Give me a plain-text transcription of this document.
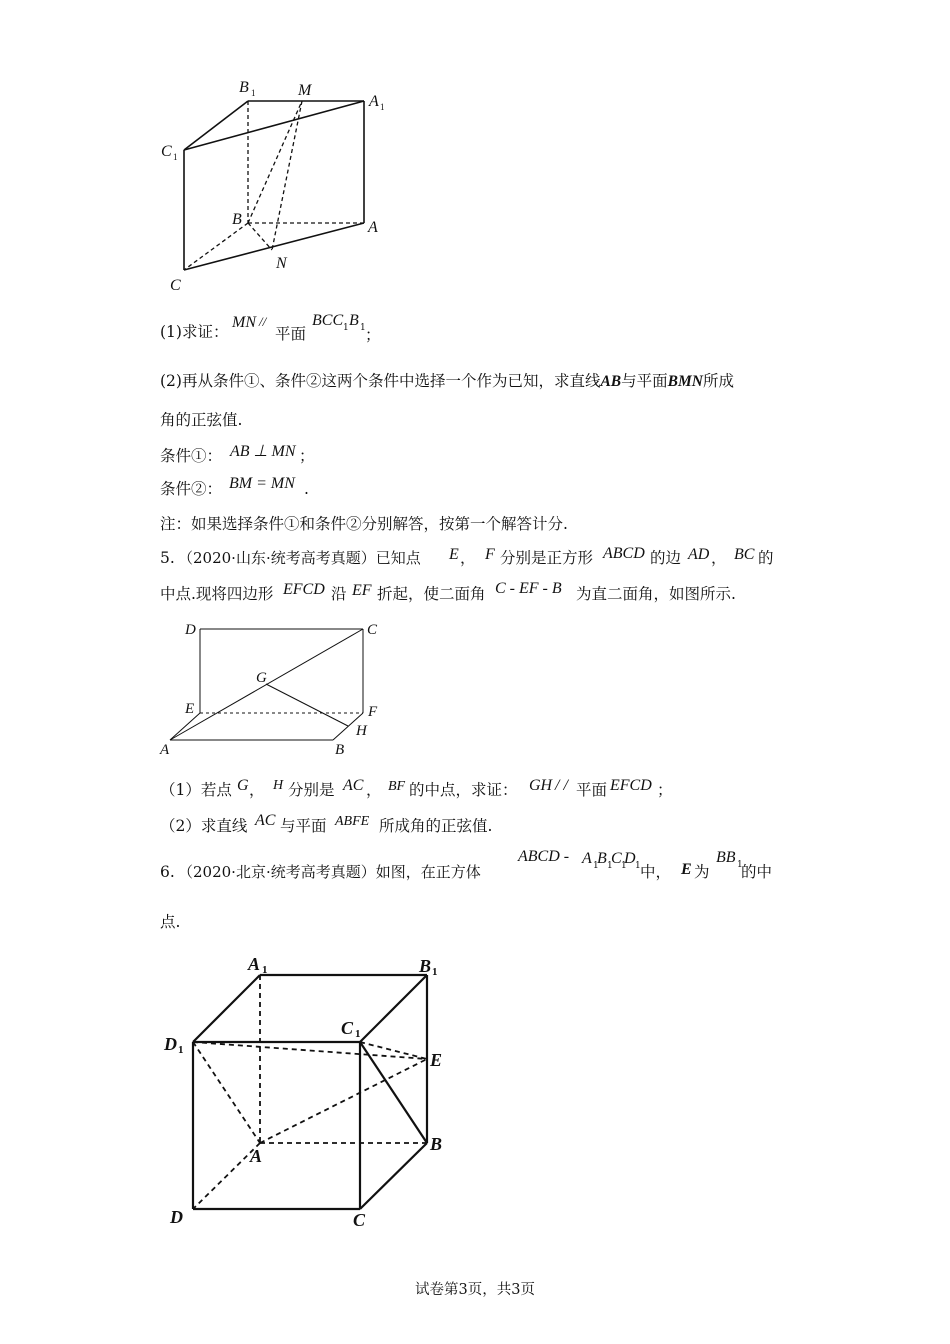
B 1	M
A 1
C 1
B	A
N
C
(1)求证：
MN //
平面
BCC 1 B 1 ；
(2)再从条件①、条件②这两个条件中选择一个作为已知，求直线AB与平面BMN所成
角的正弦值.
条件①： AB ⊥ MN ；
条件②： BM = MN .
注：如果选择条件①和条件②分别解答，按第一个解答计分.
5. （2020·山东·统考高考真题）已知点 E ， F 分别是正方形 ABCD 的边 AD ， BC 的
中点.现将四边形 EFCD 沿 EF 折起，使二面角 C - EF - B 为直二面角，如图所示.
D	C
G
E	F
H
A	B
（1）若点 G ， H 分别是 AC ， BF 的中点，求证： GH / / 平面 EFCD ；
（2）求直线 AC 与平面 ABFE 所成角的正弦值.
6. （2020·北京·统考高考真题）如图，在正方体
ABCD - A 1
B 1
C 1
D 1 中， E 为
BB 1
的中
点.
A 1	B 1
C 1
D 1	E
A
B
D	C
试卷第3页，共3页
